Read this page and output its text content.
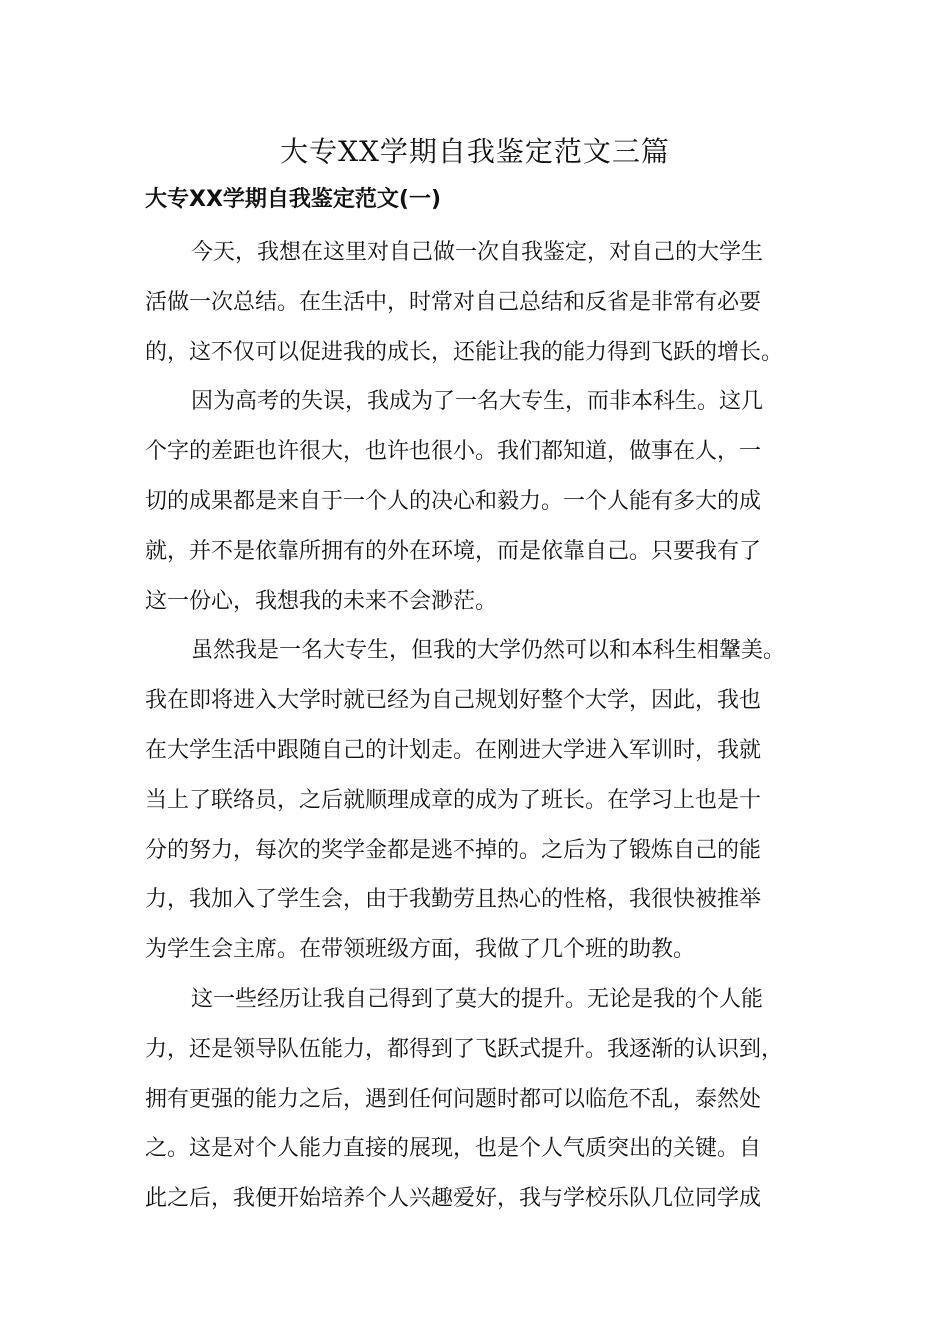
大专XX学期自我鉴定范文三篇
大专XX学期自我鉴定范文(一)
今天，我想在这里对自己做一次自我鉴定，对自己的大学生
活做一次总结。在生活中，时常对自己总结和反省是非常有必要
的，这不仅可以促进我的成长，还能让我的能力得到飞跃的增长。
因为高考的失误，我成为了一名大专生，而非本科生。这几
个字的差距也许很大，也许也很小。我们都知道，做事在人，一
切的成果都是来自于一个人的决心和毅力。一个人能有多大的成
就，并不是依靠所拥有的外在环境，而是依靠自己。只要我有了
这一份心，我想我的未来不会渺茫。
虽然我是一名大专生，但我的大学仍然可以和本科生相鞶美。
我在即将进入大学时就已经为自己规划好整个大学，因此，我也
在大学生活中跟随自己的计划走。在刚进大学进入军训时，我就
当上了联络员，之后就顺理成章的成为了班长。在学习上也是十
分的努力，每次的奖学金都是逃不掉的。之后为了锻炼自己的能
力，我加入了学生会，由于我勤劳且热心的性格，我很快被推举
为学生会主席。在带领班级方面，我做了几个班的助教。
这一些经历让我自己得到了莫大的提升。无论是我的个人能
力，还是领导队伍能力，都得到了飞跃式提升。我逐渐的认识到，
拥有更强的能力之后，遇到任何问题时都可以临危不乱，泰然处
之。这是对个人能力直接的展现，也是个人气质突出的关键。自
此之后，我便开始培养个人兴趣爱好，我与学校乐队几位同学成
